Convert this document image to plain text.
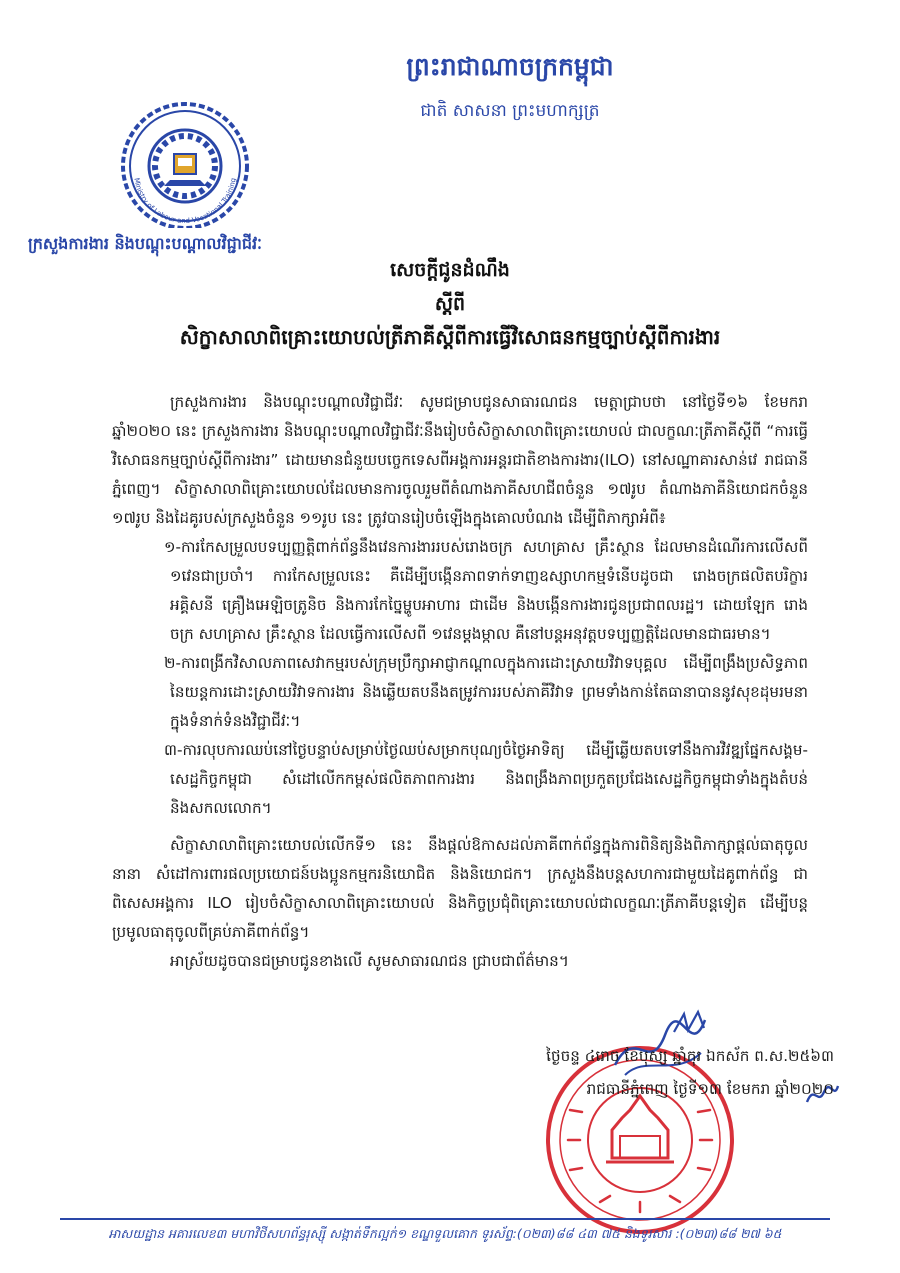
Ministry of Labour and Vocational Training
ព្រះរាជាណាចក្រកម្ពុជា
ជាតិ សាសនា ព្រះមហាក្សត្រ
ក្រសួងការងារ និងបណ្ដុះបណ្ដាលវិជ្ជាជីវៈ
សេចក្ដីជូនដំណឹង
ស្ដីពី
សិក្ខាសាលាពិគ្រោះយោបល់ត្រីភាគីស្ដីពីការធ្វើវិសោធនកម្មច្បាប់ស្ដីពីការងារ

ក្រសួងការងារ និងបណ្ដុះបណ្ដាលវិជ្ជាជីវៈ សូមជម្រាបជូនសាធារណជន មេត្តាជ្រាបថា នៅថ្ងៃទី១៦ ខែមករា ឆ្នាំ២០២០ នេះ ក្រសួងការងារ និងបណ្ដុះបណ្ដាលវិជ្ជាជីវៈនឹងរៀបចំសិក្ខាសាលាពិគ្រោះយោបល់ ជាលក្ខណៈត្រីភាគីស្ដីពី “ការធ្វើវិសោធនកម្មច្បាប់ស្ដីពីការងារ” ដោយមានជំនួយបច្ចេកទេសពីអង្គការអន្តរជាតិខាងការងារ(ILO) នៅសណ្ឋាគារសាន់វេ រាជធានីភ្នំពេញ។ សិក្ខាសាលាពិគ្រោះយោបល់ដែលមានការចូលរួមពីតំណាងភាគីសហជីពចំនួន ១៧រូប តំណាងភាគីនិយោជកចំនួន ១៧រូប និងដៃគូរបស់ក្រសួងចំនួន ១១រូប នេះ ត្រូវបានរៀបចំឡើងក្នុងគោលបំណង ដើម្បីពិភាក្សាអំពី៖

១-ការកែសម្រួលបទប្បញ្ញត្តិពាក់ព័ន្ធនឹងវេនការងាររបស់រោងចក្រ សហគ្រាស គ្រឹះស្ថាន ដែលមានដំណើរការលើសពី ១វេនជាប្រចាំ។ ការកែសម្រួលនេះ គឺដើម្បីបង្កើនភាពទាក់ទាញឧស្សាហកម្មទំនើបដូចជា រោងចក្រផលិតបរិក្ខារអគ្គិសនី គ្រឿងអេឡិចត្រូនិច និងការកែច្នៃម្ហូបអាហារ ជាដើម និងបង្កើនការងារជូនប្រជាពលរដ្ឋ។ ដោយឡែក រោងចក្រ សហគ្រាស គ្រឹះស្ថាន ដែលធ្វើការលើសពី ១វេនម្ដងម្កាល គឺនៅបន្តអនុវត្តបទប្បញ្ញត្តិដែលមានជាធរមាន។

២-ការពង្រីកវិសាលភាពសេវាកម្មរបស់ក្រុមប្រឹក្សាអាជ្ញាកណ្ដាលក្នុងការដោះស្រាយវិវាទបុគ្គល ដើម្បីពង្រឹងប្រសិទ្ធភាពនៃយន្តការដោះស្រាយវិវាទការងារ និងឆ្លើយតបនឹងតម្រូវការរបស់ភាគីវិវាទ ព្រមទាំងកាន់តែធានាបាននូវសុខដុមរមនាក្នុងទំនាក់ទំនងវិជ្ជាជីវៈ។

៣-ការលុបការឈប់នៅថ្ងៃបន្ទាប់សម្រាប់ថ្ងៃឈប់សម្រាកបុណ្យចំថ្ងៃអាទិត្យ ដើម្បីឆ្លើយតបទៅនឹងការវិវឌ្ឍផ្នែកសង្គម-សេដ្ឋកិច្ចកម្ពុជា សំដៅលើកកម្ពស់ផលិតភាពការងារ និងពង្រឹងភាពប្រកួតប្រជែងសេដ្ឋកិច្ចកម្ពុជាទាំងក្នុងតំបន់ និងសកលលោក។

សិក្ខាសាលាពិគ្រោះយោបល់លើកទី១ នេះ នឹងផ្ដល់ឱកាសដល់ភាគីពាក់ព័ន្ធក្នុងការពិនិត្យនិងពិភាក្សាផ្ដល់ធាតុចូលនានា សំដៅការពារផលប្រយោជន៍បងប្អូនកម្មករនិយោជិត និងនិយោជក។ ក្រសួងនឹងបន្តសហការជាមួយដៃគូពាក់ព័ន្ធ ជាពិសេសអង្គការ ILO រៀបចំសិក្ខាសាលាពិគ្រោះយោបល់ និងកិច្ចប្រជុំពិគ្រោះយោបល់ជាលក្ខណៈត្រីភាគីបន្តទៀត ដើម្បីបន្តប្រមូលធាតុចូលពីគ្រប់ភាគីពាក់ព័ន្ធ។

អាស្រ័យដូចបានជម្រាបជូនខាងលើ សូមសាធារណជន ជ្រាបជាព័ត៌មាន។

ថ្ងៃចន្ទ ៤រោច ខែបុស្ស ឆ្នាំកុរ ឯកស័ក ព.ស.២៥៦៣
រាជធានីភ្នំពេញ ថ្ងៃទី១៣ ខែមករា ឆ្នាំ២០២០
អាសយដ្ឋាន អគារលេខ៣ មហាវិថីសហព័ន្ធរុស្ស៊ី សង្កាត់ទឹកល្អក់១ ខណ្ឌទួលគោក ទូរស័ព្ទ:(០២៣)៨៨ ៤៣ ៧៥ និងទូរសារ :(០២៣)៨៨ ២៧ ៦៥
